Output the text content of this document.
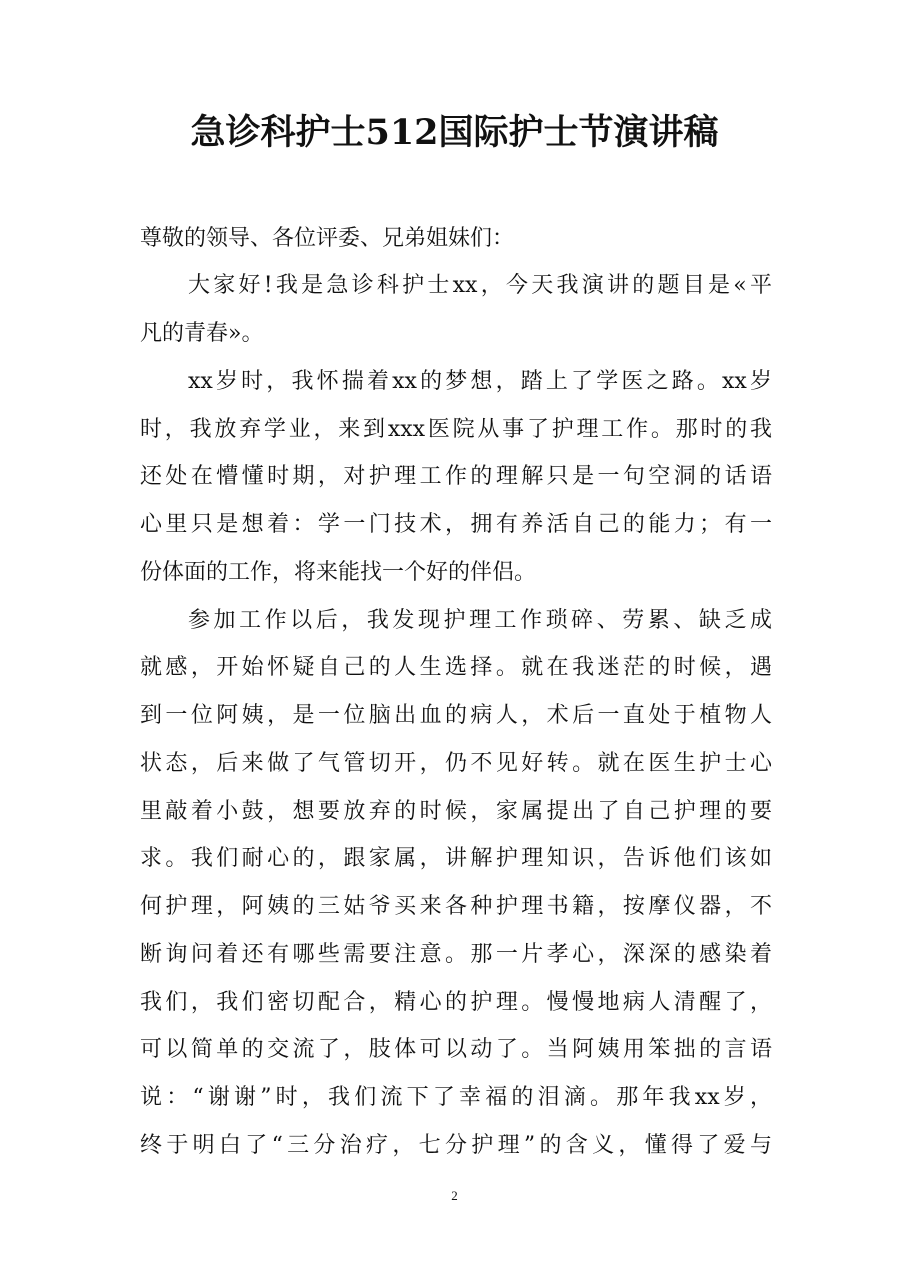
急诊科护士512国际护士节演讲稿
尊敬的领导、各位评委、兄弟姐妹们：
大家好!我是急诊科护士xx，今天我演讲的题目是«平
凡的青春»。
xx岁时，我怀揣着xx的梦想，踏上了学医之路。xx岁
时，我放弃学业，来到xxx医院从事了护理工作。那时的我
还处在懵懂时期，对护理工作的理解只是一句空洞的话语
心里只是想着：学一门技术，拥有养活自己的能力；有一
份体面的工作，将来能找一个好的伴侣。
参加工作以后，我发现护理工作琐碎、劳累、缺乏成
就感，开始怀疑自己的人生选择。就在我迷茫的时候，遇
到一位阿姨，是一位脑出血的病人，术后一直处于植物人
状态，后来做了气管切开，仍不见好转。就在医生护士心
里敲着小鼓，想要放弃的时候，家属提出了自己护理的要
求。我们耐心的，跟家属，讲解护理知识，告诉他们该如
何护理，阿姨的三姑爷买来各种护理书籍，按摩仪器，不
断询问着还有哪些需要注意。那一片孝心，深深的感染着
我们，我们密切配合，精心的护理。慢慢地病人清醒了，
可以简单的交流了，肢体可以动了。当阿姨用笨拙的言语
说：“谢谢”时，我们流下了幸福的泪滴。那年我xx岁，
终于明白了“三分治疗，七分护理”的含义，懂得了爱与
2
